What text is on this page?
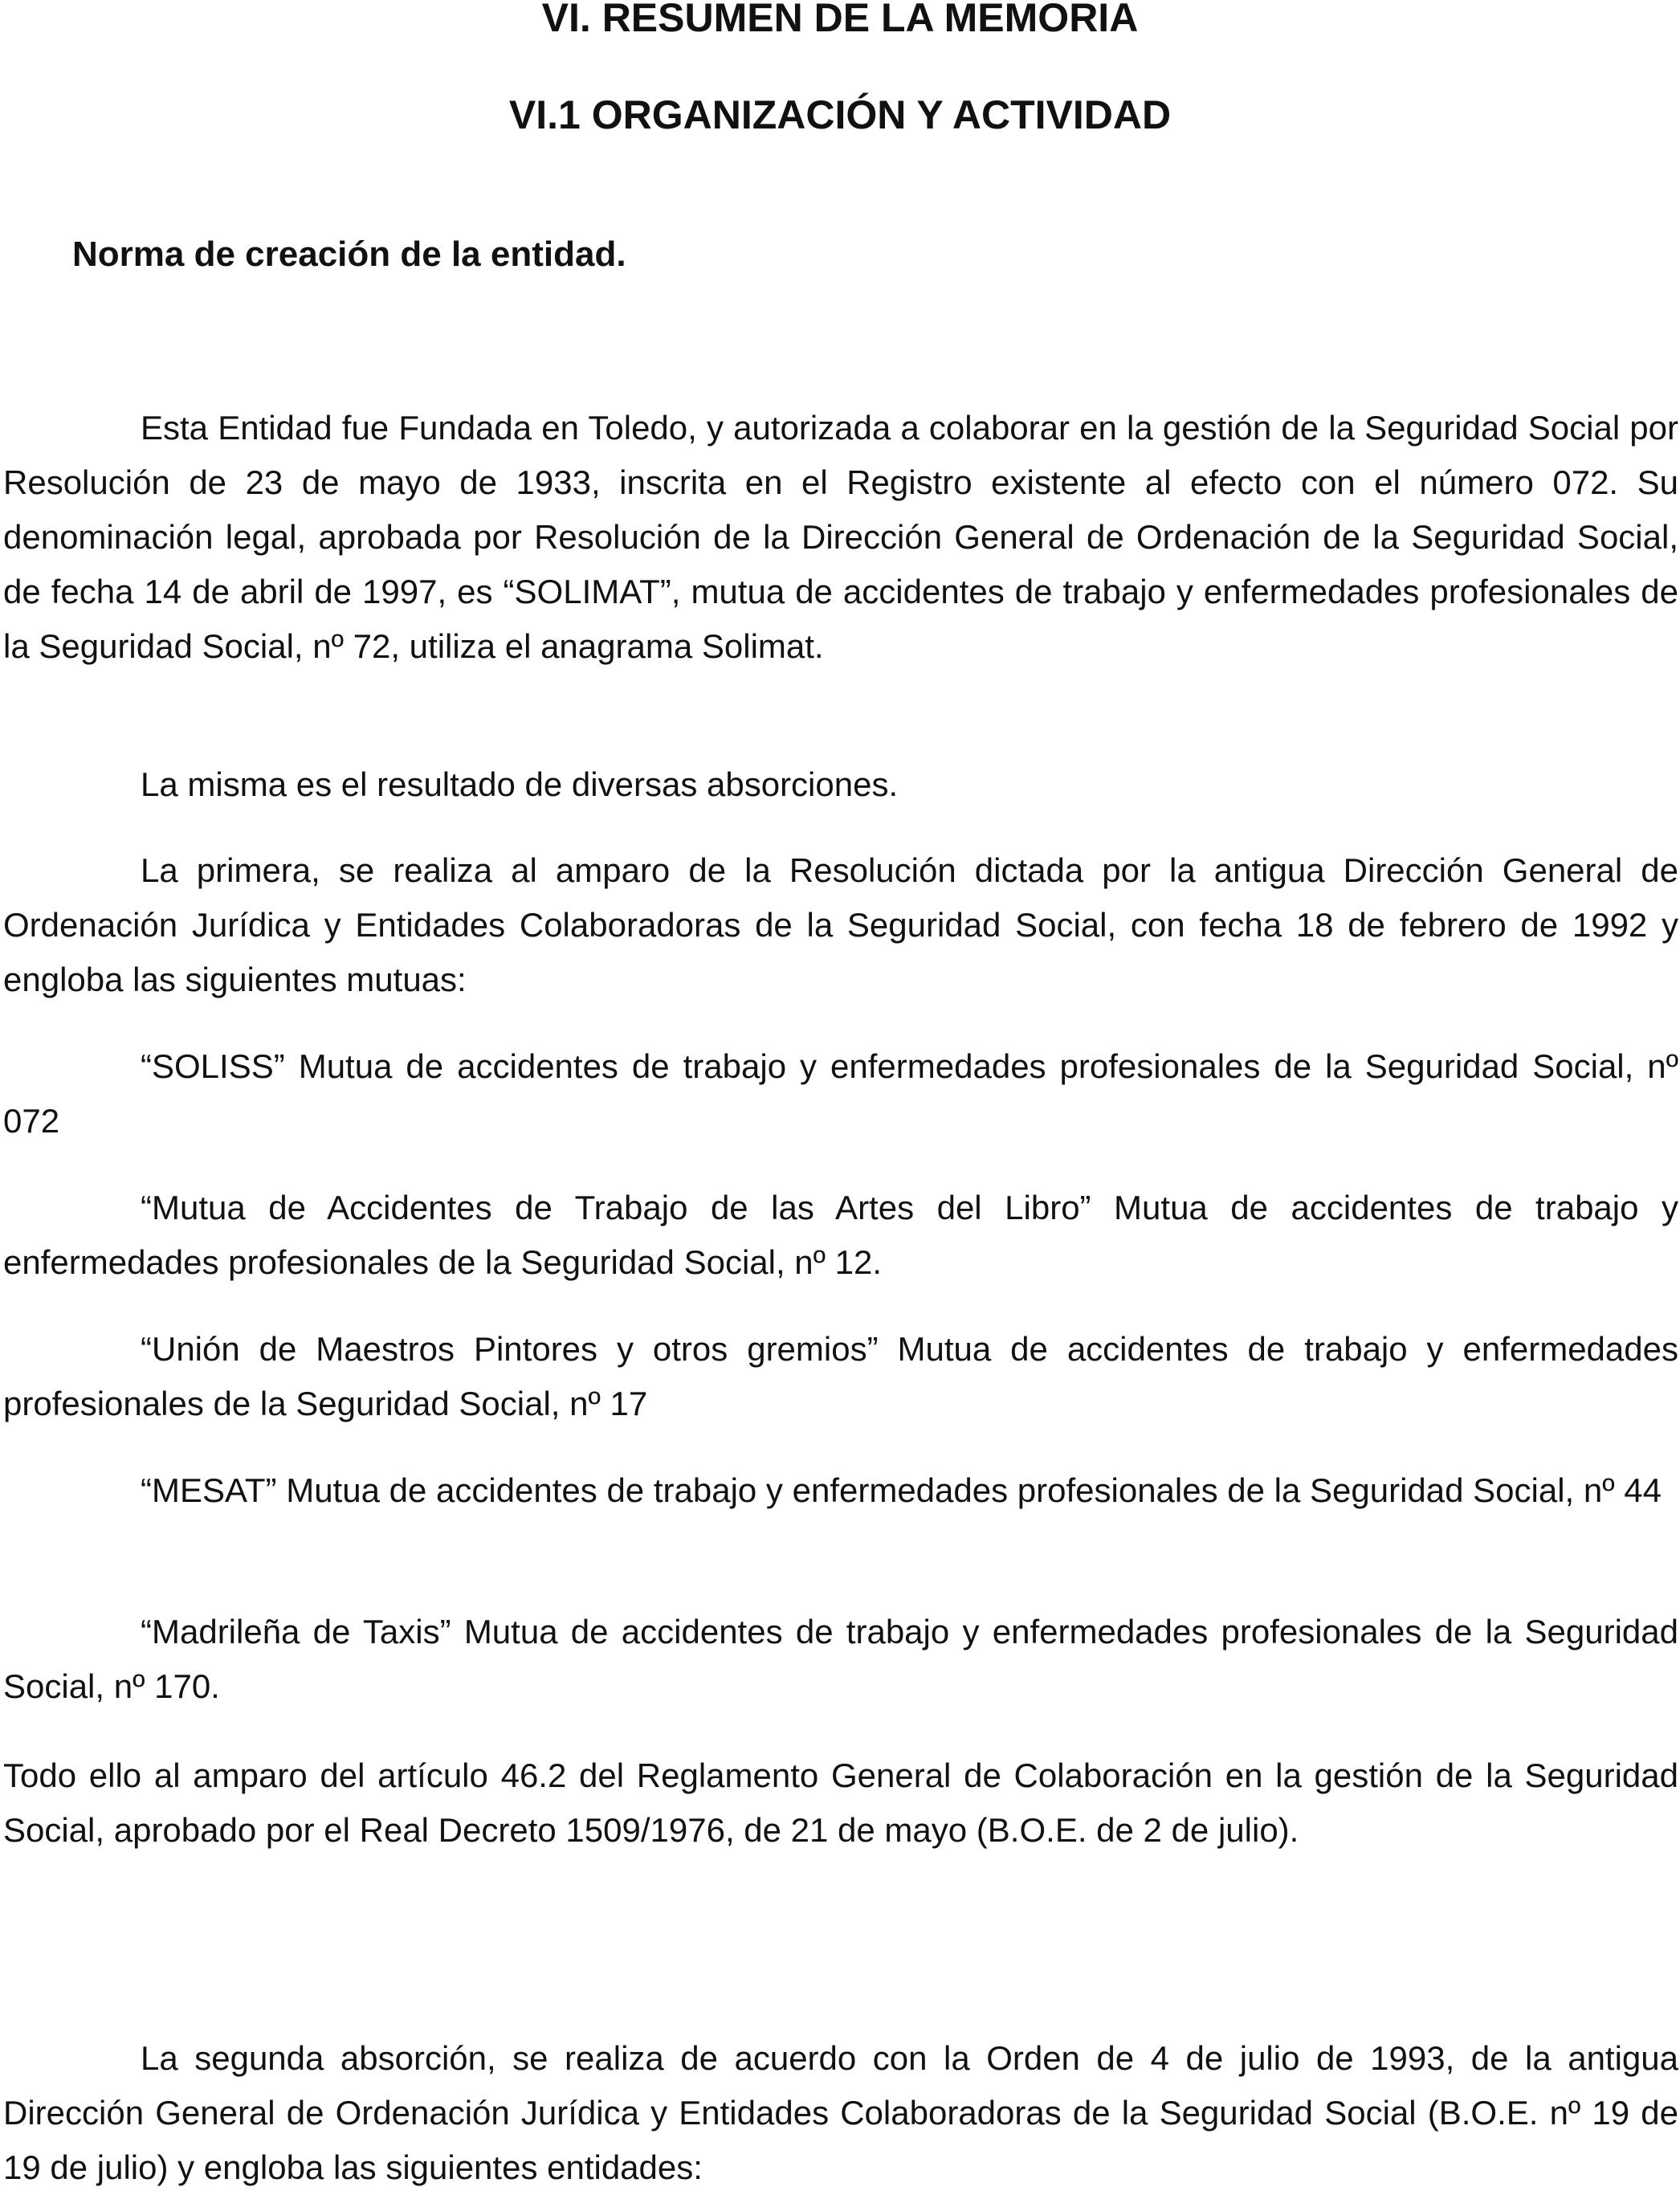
VI. RESUMEN DE LA MEMORIA
VI.1 ORGANIZACIÓN Y ACTIVIDAD
Norma de creación de la entidad.

Esta Entidad fue Fundada en Toledo, y autorizada a colaborar en la gestión de la Seguridad Social por Resolución de 23 de mayo de 1933, inscrita en el Registro existente al efecto con el número 072. Su denominación legal, aprobada por Resolución de la Dirección General de Ordenación de la Seguridad Social, de fecha 14 de abril de 1997, es “SOLIMAT”, mutua de accidentes de trabajo y enfermedades profesionales de la Seguridad Social, nº 72, utiliza el anagrama Solimat.

La misma es el resultado de diversas absorciones.

La primera, se realiza al amparo de la Resolución dictada por la antigua Dirección General de Ordenación Jurídica y Entidades Colaboradoras de la Seguridad Social, con fecha 18 de febrero de 1992 y engloba las siguientes mutuas:

“SOLISS” Mutua de accidentes de trabajo y enfermedades profesionales de la Seguridad Social, nº 072

“Mutua de Accidentes de Trabajo de las Artes del Libro” Mutua de accidentes de trabajo y enfermedades profesionales de la Seguridad Social, nº 12.

“Unión de Maestros Pintores y otros gremios” Mutua de accidentes de trabajo y enfermedades profesionales de la Seguridad Social, nº 17

“MESAT” Mutua de accidentes de trabajo y enfermedades profesionales de la Seguridad Social, nº 44

“Madrileña de Taxis” Mutua de accidentes de trabajo y enfermedades profesionales de la Seguridad Social, nº 170.

Todo ello al amparo del artículo 46.2 del Reglamento General de Colaboración en la gestión de la Seguridad Social, aprobado por el Real Decreto 1509/1976, de 21 de mayo (B.O.E. de 2 de julio).

La segunda absorción, se realiza de acuerdo con la Orden de 4 de julio de 1993, de la antigua Dirección General de Ordenación Jurídica y Entidades Colaboradoras de la Seguridad Social (B.O.E. nº 19 de 19 de julio) y engloba las siguientes entidades:
